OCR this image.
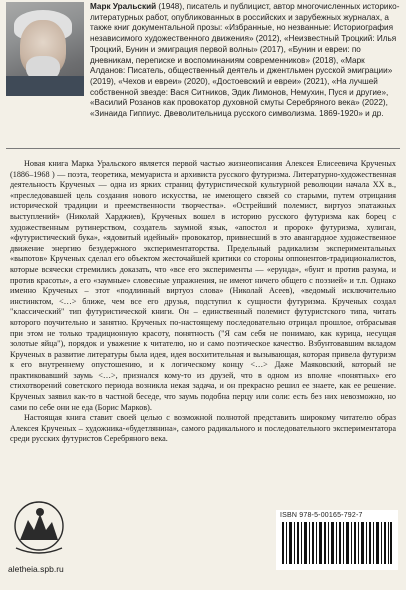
Марк Уральский (1948), писатель и публицист, автор многочисленных историко-литературных работ, опубликованных в российских и зарубежных журналах, а также книг документальной прозы: «Избранные, но незванные: Историография независимого художественного движения» (2012), «Неизвестный Троцкий: Илья Троцкий, Бунин и эмиграция первой волны» (2017), «Бунин и евреи: по дневникам, переписке и воспоминаниям современников» (2018), «Марк Алданов: Писатель, общественный деятель и джентльмен русской эмиграции» (2019), «Чехов и евреи» (2020), «Достоевский и евреи» (2021), «На лучшей собственной звезде: Вася Ситников, Эдик Лимонов, Немухин, Пуся и другие», «Василий Розанов как провокатор духовной смуты Серебряного века» (2022), «Зинаида Гиппиус. Двеволительница русского символизма. 1869-1920» и др.

Новая книга Марка Уральского является первой частью жизнеописания Алексея Елисеевича Крученых (1886–1968 ) — поэта, теоретика, мемуариста и архивиста русского футуризма. Литературно-художественная деятельность Крученых — одна из ярких страниц футуристической культурной революции начала XX в., «преследовавшей цель создания нового искусства, не имеющего связей со старыми, путем отрицания исторической традиции и преемственности творчества». «Острейший полемист, виртуоз эпатажных выступлений» (Николай Харджиев), Крученых вошел в историю русского футуризма как борец с художественным рутинерством, создатель заумной язык, «апостол и пророк» футуризма, хулиган, «футуристический бука», «ядовитый идейный» провокатор, привнесший в это авангардное художественное движение энергию безудержного экспериментаторства. Предельный радикализм экспериментальных «выпотов» Крученых сделал его объектом жесточайшей критики со стороны оппонентов-традиционалистов, которые всячески стремились доказать, что «все его эксперименты — «ерунда», «бунт и против разума, и против красоты», а его «заумные» словесные упражнения, не имеют ничего общего с поэзией» и т.п. Однако именно Крученых – этот «подлинный виртуоз слова» (Николай Асеев), «ведомый исключительно инстинктом, <…> ближе, чем все его друзья, подступил к сущности футуризма. Крученых создал "классический" тип футуристической книги. Он – единственный полемист футуристского типа, читать которого поучительно и занятно. Крученых по-настоящему последовательно отрицал прошлое, отбрасывая при этом не только традиционную красоту, понятность ("Я сам себя не понимаю, как курица, несущая золотые яйца"), порядок и уважение к читателю, но и само поэтическое качество. Взбунтовавшим вкладом Крученых в развитие литературы была идея, идея восхитительная и вызывающая, которая привела футуризм к его внутреннему опустошению, и к логическому концу <…> Даже Маяковский, который не практиковавший заумь <…>, признался кому-то из друзей, что в одном из вполне «понятных» его стихотворений советского периода возникла некая задача, и он прекрасно решил ее знаете, как ее решение. Крученых заявил как-то в частной беседе, что заумь подобна перцу или соли: есть без них невозможно, но сами по себе они не еда (Борис Марков).

Настоящая книга ставит своей целью с возможной полнотой представить широкому читателю образ Алексея Крученых – художника-«будетлянина», самого радикального и последовательного экспериментатора среди русских футуристов Серебряного века.

aletheia.spb.ru
ISBN 978-5-00165-792-7
